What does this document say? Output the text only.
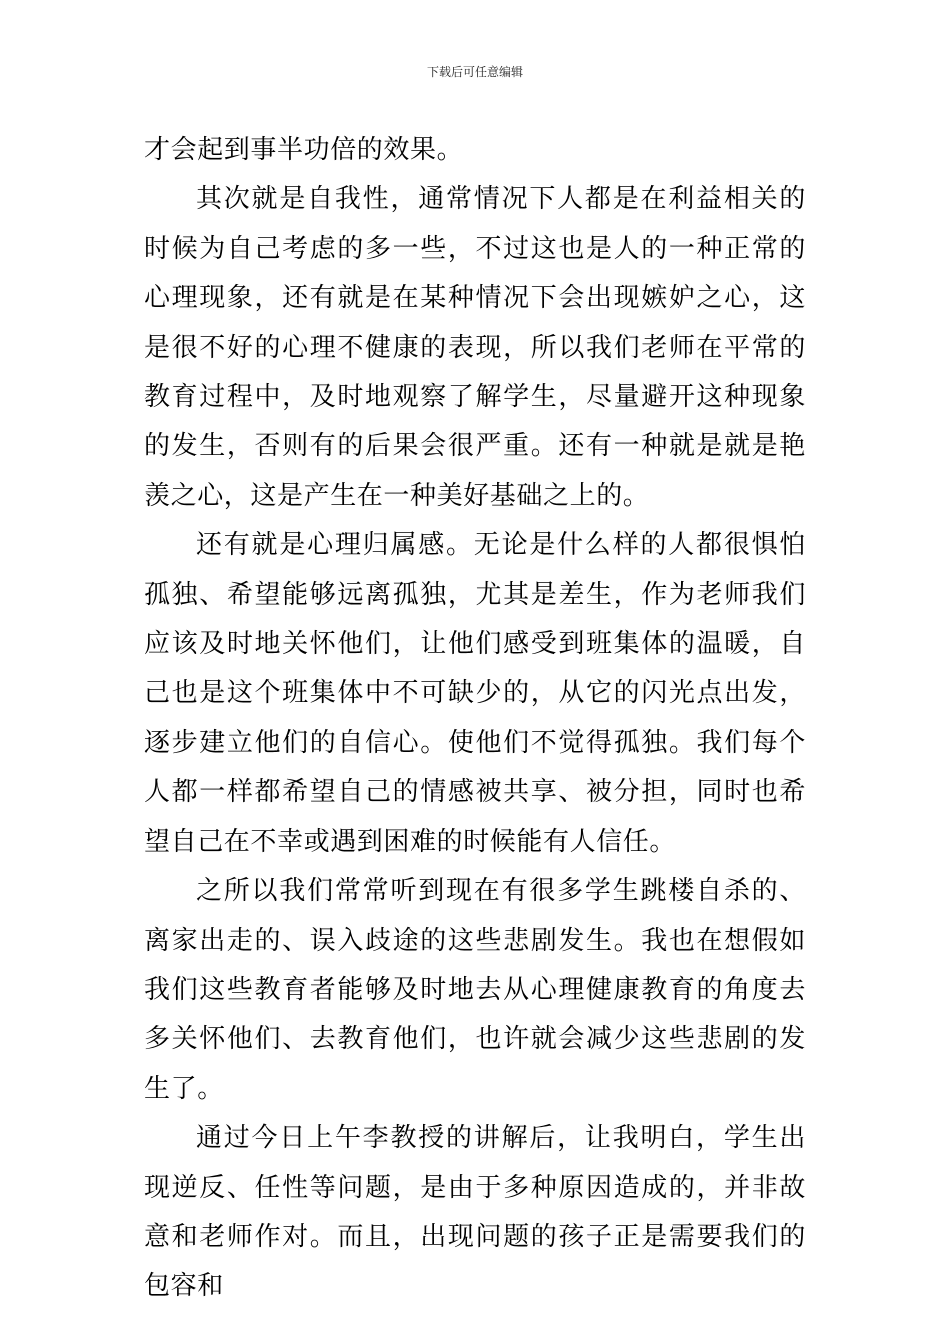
下载后可任意编辑

才会起到事半功倍的效果。

其次就是自我性，通常情况下人都是在利益相关的时候为自己考虑的多一些，不过这也是人的一种正常的心理现象，还有就是在某种情况下会出现嫉妒之心，这是很不好的心理不健康的表现，所以我们老师在平常的教育过程中，及时地观察了解学生，尽量避开这种现象的发生，否则有的后果会很严重。还有一种就是就是艳羡之心，这是产生在一种美好基础之上的。

还有就是心理归属感。无论是什么样的人都很惧怕孤独、希望能够远离孤独，尤其是差生，作为老师我们应该及时地关怀他们，让他们感受到班集体的温暖，自己也是这个班集体中不可缺少的，从它的闪光点出发，逐步建立他们的自信心。使他们不觉得孤独。我们每个人都一样都希望自己的情感被共享、被分担，同时也希望自己在不幸或遇到困难的时候能有人信任。

之所以我们常常听到现在有很多学生跳楼自杀的、离家出走的、误入歧途的这些悲剧发生。我也在想假如我们这些教育者能够及时地去从心理健康教育的角度去多关怀他们、去教育他们，也许就会减少这些悲剧的发生了。

通过今日上午李教授的讲解后，让我明白，学生出现逆反、任性等问题，是由于多种原因造成的，并非故意和老师作对。而且，出现问题的孩子正是需要我们的包容和
